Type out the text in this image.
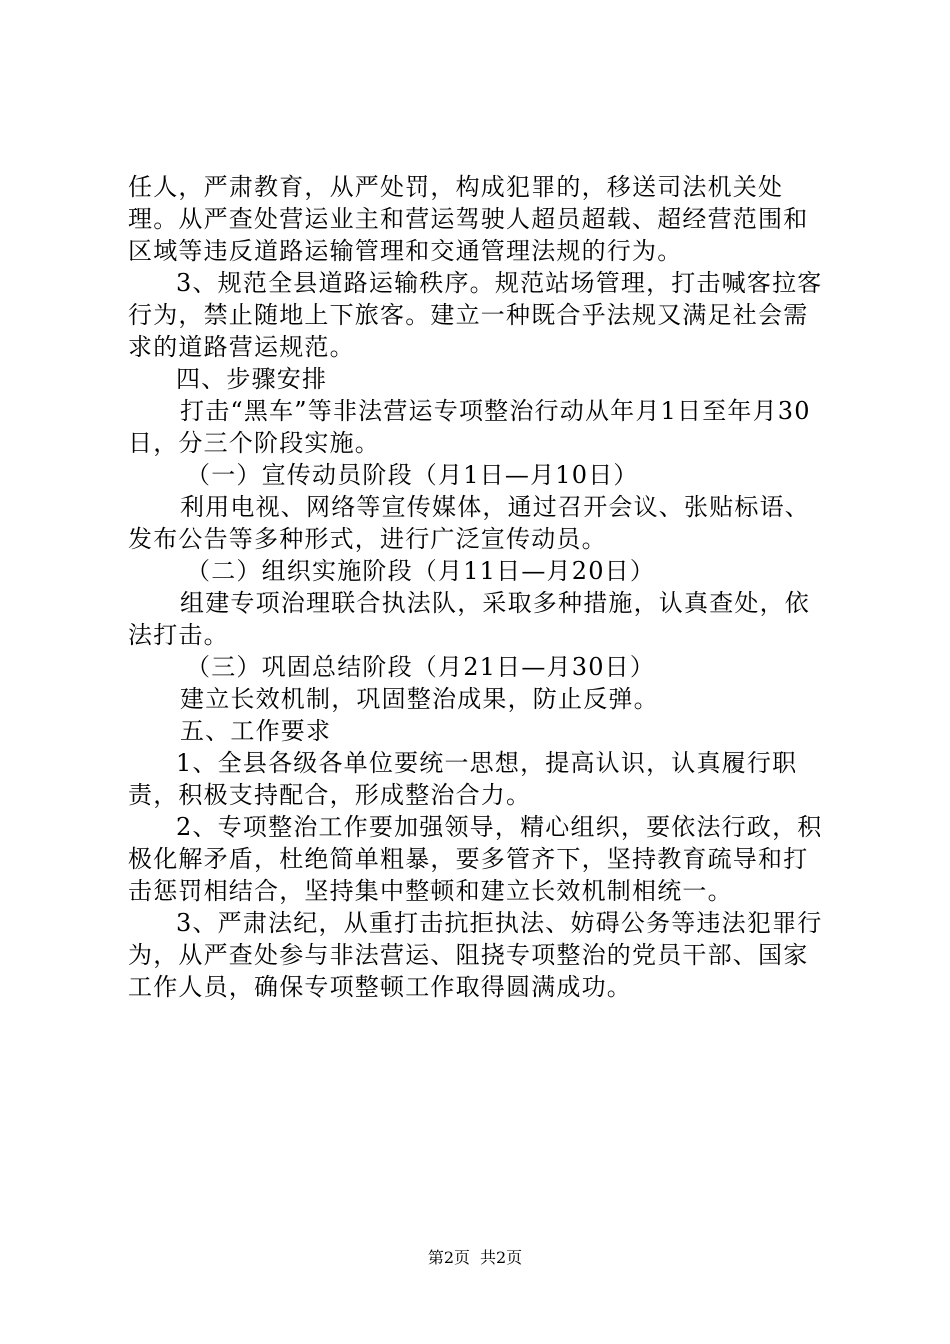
任人，严肃教育，从严处罚，构成犯罪的，移送司法机关处理。从严查处营运业主和营运驾驶人超员超载、超经营范围和区域等违反道路运输管理和交通管理法规的行为。

3、规范全县道路运输秩序。规范站场管理，打击喊客拉客行为，禁止随地上下旅客。建立一种既合乎法规又满足社会需求的道路营运规范。

四、步骤安排

打击“黑车”等非法营运专项整治行动从年月1日至年月30日，分三个阶段实施。

（一）宣传动员阶段（月1日—月10日）

利用电视、网络等宣传媒体，通过召开会议、张贴标语、发布公告等多种形式，进行广泛宣传动员。

（二）组织实施阶段（月11日—月20日）

组建专项治理联合执法队，采取多种措施，认真查处，依法打击。

（三）巩固总结阶段（月21日—月30日）

建立长效机制，巩固整治成果，防止反弹。

五、工作要求

1、全县各级各单位要统一思想，提高认识，认真履行职责，积极支持配合，形成整治合力。

2、专项整治工作要加强领导，精心组织，要依法行政，积极化解矛盾，杜绝简单粗暴，要多管齐下，坚持教育疏导和打击惩罚相结合，坚持集中整顿和建立长效机制相统一。

3、严肃法纪，从重打击抗拒执法、妨碍公务等违法犯罪行为，从严查处参与非法营运、阻挠专项整治的党员干部、国家工作人员，确保专项整顿工作取得圆满成功。

第2页 共2页
